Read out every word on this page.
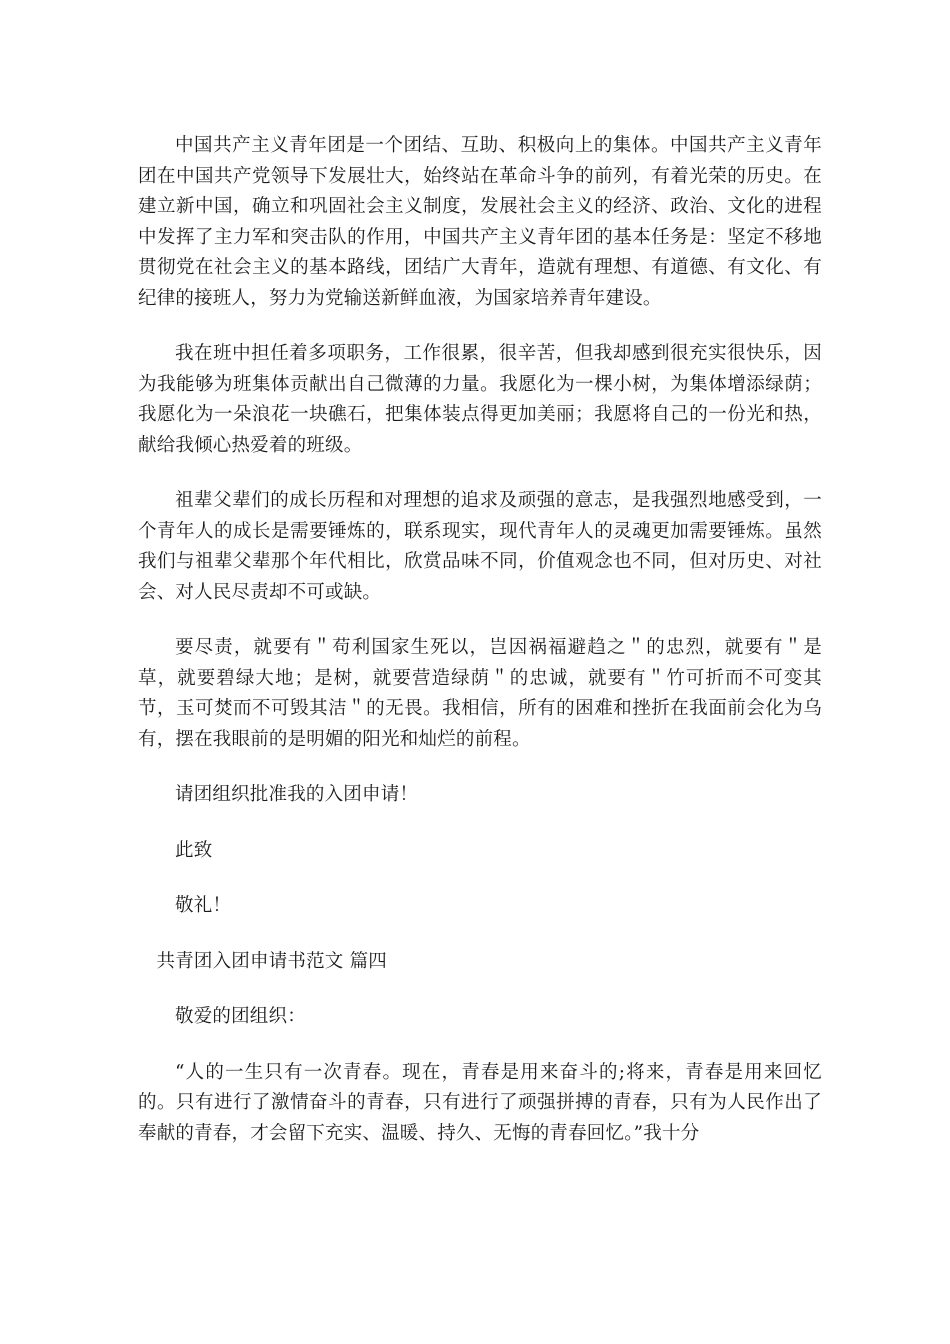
中国共产主义青年团是一个团结、互助、积极向上的集体。中国共产主义青年团在中国共产党领导下发展壮大，始终站在革命斗争的前列，有着光荣的历史。在建立新中国，确立和巩固社会主义制度，发展社会主义的经济、政治、文化的进程中发挥了主力军和突击队的作用，中国共产主义青年团的基本任务是：坚定不移地贯彻党在社会主义的基本路线，团结广大青年，造就有理想、有道德、有文化、有纪律的接班人，努力为党输送新鲜血液，为国家培养青年建设。

我在班中担任着多项职务，工作很累，很辛苦，但我却感到很充实很快乐，因为我能够为班集体贡献出自己微薄的力量。我愿化为一棵小树，为集体增添绿荫；我愿化为一朵浪花一块礁石，把集体装点得更加美丽；我愿将自己的一份光和热，献给我倾心热爱着的班级。

祖辈父辈们的成长历程和对理想的追求及顽强的意志，是我强烈地感受到，一个青年人的成长是需要锤炼的，联系现实，现代青年人的灵魂更加需要锤炼。虽然我们与祖辈父辈那个年代相比，欣赏品味不同，价值观念也不同，但对历史、对社会、对人民尽责却不可或缺。

要尽责，就要有＂苟利国家生死以，岂因祸福避趋之＂的忠烈，就要有＂是草，就要碧绿大地；是树，就要营造绿荫＂的忠诚，就要有＂竹可折而不可变其节，玉可焚而不可毁其洁＂的无畏。我相信，所有的困难和挫折在我面前会化为乌有，摆在我眼前的是明媚的阳光和灿烂的前程。

请团组织批准我的入团申请！

此致

敬礼！

共青团入团申请书范文 篇四

敬爱的团组织：

“人的一生只有一次青春。现在，青春是用来奋斗的;将来，青春是用来回忆的。只有进行了激情奋斗的青春，只有进行了顽强拼搏的青春，只有为人民作出了奉献的青春，才会留下充实、温暖、持久、无悔的青春回忆。”我十分
